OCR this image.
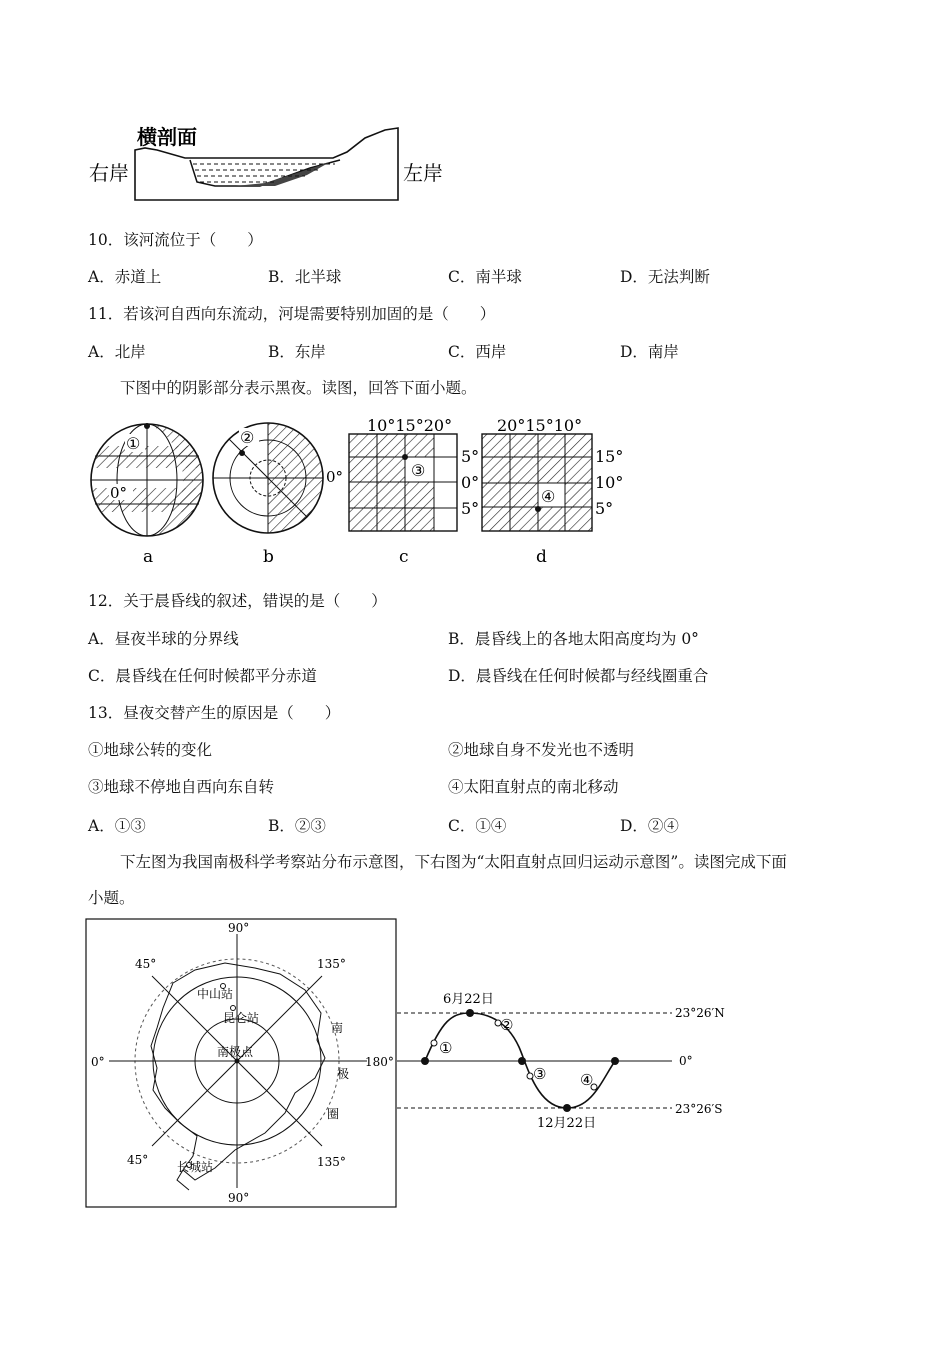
横剖面
右岸	左岸
10．该河流位于（　　）
A．赤道上	B．北半球	C．南半球	D．无法判断
11．若该河自西向东流动，河堤需要特别加固的是（　　）
A．北岸	B．东岸	C．西岸	D．南岸
下图中的阴影部分表示黑夜。读图，回答下面小题。
①
0°
a
②
0°
b
③
10°15°20°
5°
0°
5°
c
④
20°15°10°
15°
10°
5°
d
12．关于晨昏线的叙述，错误的是（　　）
A．昼夜半球的分界线	B．晨昏线上的各地太阳高度均为 0°
C．晨昏线在任何时候都平分赤道	D．晨昏线在任何时候都与经线圈重合
13．昼夜交替产生的原因是（　　）
①地球公转的变化	②地球自身不发光也不透明
③地球不停地自西向东自转	④太阳直射点的南北移动
A．①③	B．②③	C．①④	D．②④
下左图为我国南极科学考察站分布示意图，下右图为“太阳直射点回归运动示意图”。读图完成下面
小题。
90°
90°
45°	135°
45°	135°
0°	180°
中山站
昆仑站
南极点
长城站
南
极
圈
6月22日
12月22日
23°26′N
0°
23°26′S
①
②
③ ④
